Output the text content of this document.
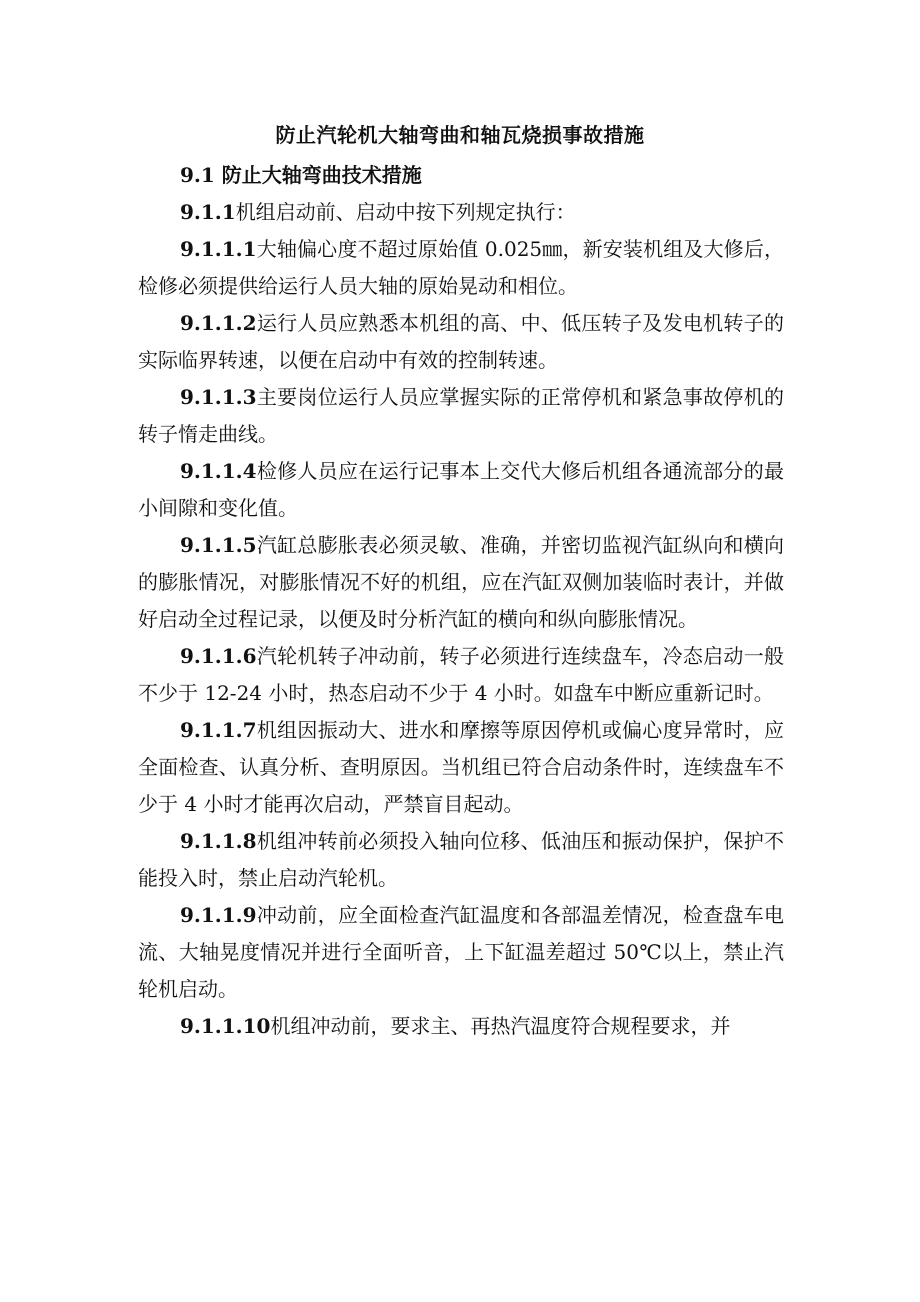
防止汽轮机大轴弯曲和轴瓦烧损事故措施

9.1 防止大轴弯曲技术措施

9.1.1机组启动前、启动中按下列规定执行：

9.1.1.1大轴偏心度不超过原始值 0.025㎜，新安装机组及大修后，检修必须提供给运行人员大轴的原始晃动和相位。

9.1.1.2运行人员应熟悉本机组的高、中、低压转子及发电机转子的实际临界转速，以便在启动中有效的控制转速。

9.1.1.3主要岗位运行人员应掌握实际的正常停机和紧急事故停机的转子惰走曲线。

9.1.1.4检修人员应在运行记事本上交代大修后机组各通流部分的最小间隙和变化值。

9.1.1.5汽缸总膨胀表必须灵敏、准确，并密切监视汽缸纵向和横向的膨胀情况，对膨胀情况不好的机组，应在汽缸双侧加装临时表计，并做好启动全过程记录，以便及时分析汽缸的横向和纵向膨胀情况。

9.1.1.6汽轮机转子冲动前，转子必须进行连续盘车，冷态启动一般不少于 12-24 小时，热态启动不少于 4 小时。如盘车中断应重新记时。

9.1.1.7机组因振动大、进水和摩擦等原因停机或偏心度异常时，应全面检查、认真分析、查明原因。当机组已符合启动条件时，连续盘车不少于 4 小时才能再次启动，严禁盲目起动。

9.1.1.8机组冲转前必须投入轴向位移、低油压和振动保护，保护不能投入时，禁止启动汽轮机。

9.1.1.9冲动前，应全面检查汽缸温度和各部温差情况，检查盘车电流、大轴晃度情况并进行全面听音，上下缸温差超过 50℃以上，禁止汽轮机启动。

9.1.1.10机组冲动前，要求主、再热汽温度符合规程要求，并
